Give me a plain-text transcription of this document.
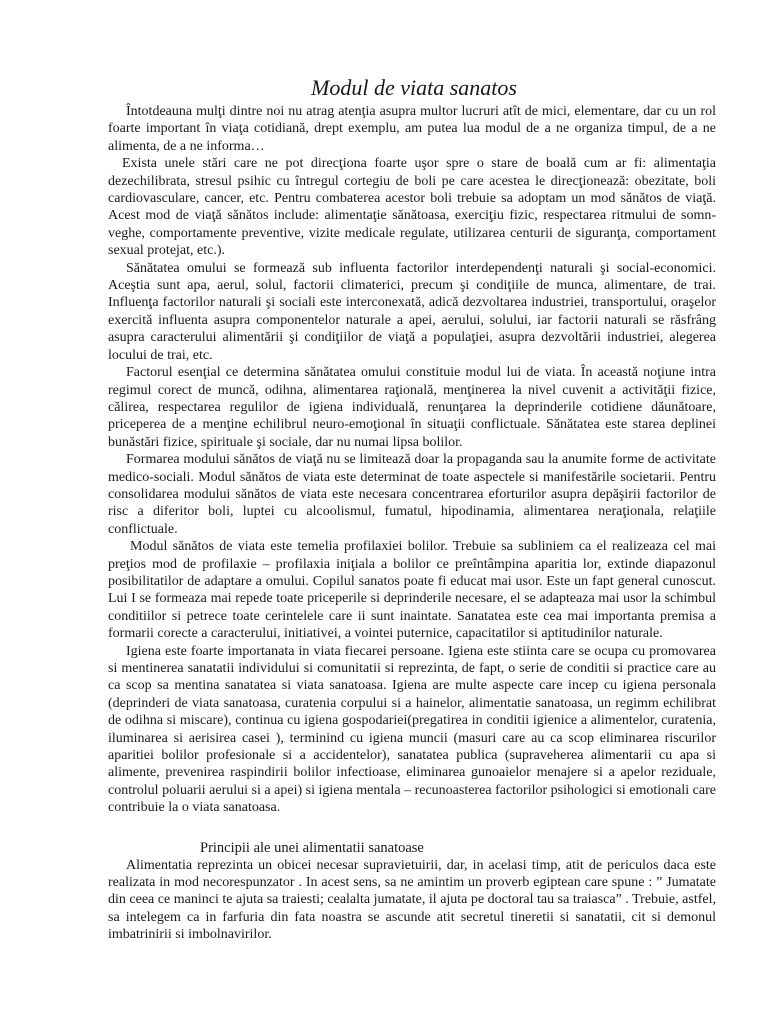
Modul de viata sanatos

Întotdeauna mulţi dintre noi nu atrag atenţia asupra multor lucruri atît de mici, elementare, dar cu un rol foarte important în viaţa cotidiană, drept exemplu, am putea lua modul de a ne organiza timpul, de a ne alimenta, de a ne informa…

Exista unele stări care ne pot direcţiona foarte uşor spre o stare de boală cum ar fi: alimentaţia dezechilibrata, stresul psihic cu întregul cortegiu de boli pe care acestea le direcţionează: obezitate, boli cardiovasculare, cancer, etc. Pentru combaterea acestor boli trebuie sa adoptam un mod sănătos de viaţă. Acest mod de viaţă sănătos include: alimentaţie sănătoasa, exerciţiu fizic, respectarea ritmului de somn-veghe, comportamente preventive, vizite medicale regulate, utilizarea centurii de siguranţa, comportament sexual protejat, etc.).

Sănătatea omului se formează sub influenta factorilor interdependenţi naturali şi social-economici. Aceştia sunt apa, aerul, solul, factorii climaterici, precum şi condiţiile de munca, alimentare, de trai. Influenţa factorilor naturali şi sociali este interconexată, adică dezvoltarea industriei, transportului, oraşelor exercită influenta asupra componentelor naturale a apei, aerului, solului, iar factorii naturali se răsfrâng asupra caracterului alimentării şi condiţiilor de viaţă a populaţiei, asupra dezvoltării industriei, alegerea locului de trai, etc.

Factorul esenţial ce determina sănătatea omului constituie modul lui de viata. În această noţiune intra regimul corect de muncă, odihna, alimentarea raţională, menţinerea la nivel cuvenit a activităţii fizice, călirea, respectarea regulilor de igiena individuală, renunţarea la deprinderile cotidiene dăunătoare, priceperea de a menţine echilibrul neuro-emoţional în situaţii conflictuale. Sănătatea este starea deplinei bunăstări fizice, spirituale şi sociale, dar nu numai lipsa bolilor.

Formarea modului sănătos de viaţă nu se limitează doar la propaganda sau la anumite forme de activitate medico-sociali. Modul sănătos de viata este determinat de toate aspectele si manifestările societarii. Pentru consolidarea modului sănătos de viata este necesara concentrarea eforturilor asupra depăşirii factorilor de risc a diferitor boli, luptei cu alcoolismul, fumatul, hipodinamia, alimentarea neraţionala, relaţiile conflictuale.

Modul sănătos de viata este temelia profilaxiei bolilor. Trebuie sa subliniem ca el realizeaza cel mai preţios mod de profilaxie – profilaxia iniţiala a bolilor ce preîntâmpina aparitia lor, extinde diapazonul posibilitatilor de adaptare a omului. Copilul sanatos poate fi educat mai usor. Este un fapt general cunoscut. Lui I se formeaza mai repede toate priceperile si deprinderile necesare, el se adapteaza mai usor la schimbul conditiilor si petrece toate cerintelele care ii sunt inaintate. Sanatatea este cea mai importanta premisa a formarii corecte a caracterului, initiativei, a vointei puternice, capacitatilor si aptitudinilor naturale.

Igiena este foarte importanata in viata fiecarei persoane. Igiena este stiinta care se ocupa cu promovarea si mentinerea sanatatii individului si comunitatii si reprezinta, de fapt, o serie de conditii si practice care au ca scop sa mentina sanatatea si viata sanatoasa. Igiena are multe aspecte care incep cu igiena personala (deprinderi de viata sanatoasa, curatenia corpului si a hainelor, alimentatie sanatoasa, un regimm echilibrat de odihna si miscare), continua cu igiena gospodariei(pregatirea in conditii igienice a alimentelor, curatenia, iluminarea si aerisirea casei ), terminind cu igiena muncii (masuri care au ca scop eliminarea riscurilor aparitiei bolilor profesionale si a accidentelor), sanatatea publica (supraveherea alimentarii cu apa si alimente, prevenirea raspindirii bolilor infectioase, eliminarea gunoaielor menajere si a apelor reziduale, controlul poluarii aerului si a apei) si igiena mentala – recunoasterea factorilor psihologici si emotionali care contribuie la o viata sanatoasa.

Principii ale unei alimentatii sanatoase

Alimentatia reprezinta un obicei necesar supravietuirii, dar, in acelasi timp, atit de periculos daca este realizata in mod necorespunzator . In acest sens, sa ne amintim un proverb egiptean care spune : ” Jumatate din ceea ce maninci te ajuta sa traiesti; cealalta jumatate, il ajuta pe doctoral tau sa traiasca” . Trebuie, astfel, sa intelegem ca in farfuria din fata noastra se ascunde atit secretul tineretii si sanatatii, cit si demonul imbatrinirii si imbolnavirilor.
